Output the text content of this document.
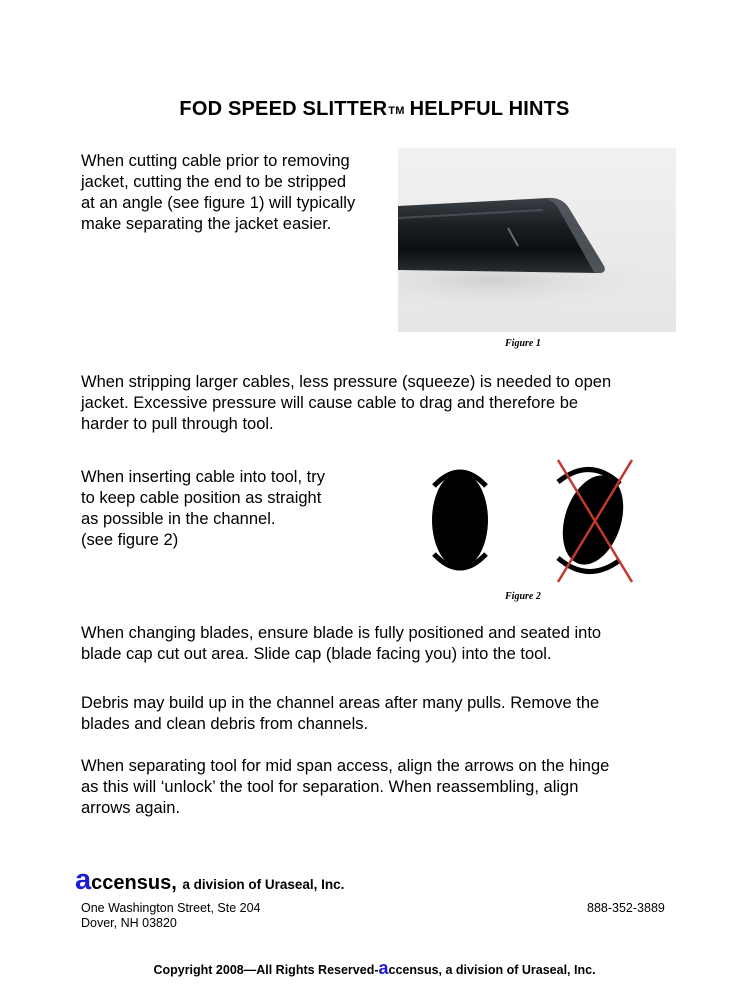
FOD SPEED SLITTERTM HELPFUL HINTS
When cutting cable prior to removing
jacket, cutting the end to be stripped
at an angle (see figure 1) will typically
make separating the jacket easier.
Figure 1
When stripping larger cables, less pressure (squeeze) is needed to open
jacket. Excessive pressure will cause cable to drag and therefore be
harder to pull through tool.
When inserting cable into tool, try
to keep cable position as straight
as possible in the channel.
(see figure 2)
Figure 2
When changing blades, ensure blade is fully positioned and seated into
blade cap cut out area. Slide cap (blade facing you) into the tool.
Debris may build up in the channel areas after many pulls. Remove the
blades and clean debris from channels.
When separating tool for mid span access, align the arrows on the hinge
as this will ‘unlock’ the tool for separation. When reassembling, align
arrows again.
accensus, a division of Uraseal, Inc.
One Washington Street, Ste 204
Dover, NH 03820
888-352-3889
Copyright 2008—All Rights Reserved-accensus, a division of Uraseal, Inc.
